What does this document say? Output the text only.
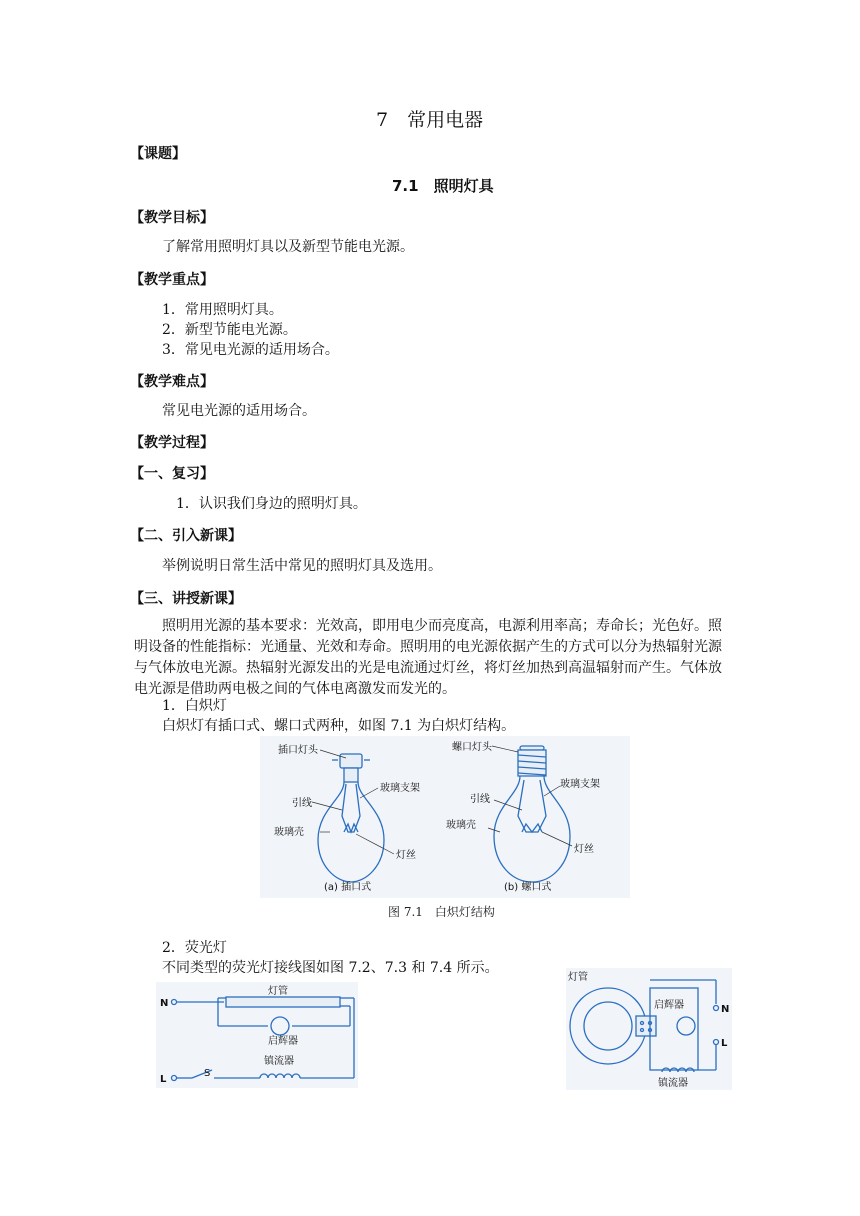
7　常用电器
【课题】
7.1　照明灯具
【教学目标】
了解常用照明灯具以及新型节能电光源。
【教学重点】
1．常用照明灯具。
2．新型节能电光源。
3．常见电光源的适用场合。
【教学难点】
常见电光源的适用场合。
【教学过程】
【一、复习】
1．认识我们身边的照明灯具。
【二、引入新课】
举例说明日常生活中常见的照明灯具及选用。
【三、讲授新课】
照明用光源的基本要求：光效高，即用电少而亮度高，电源利用率高；寿命长；光色好。照明设备的性能指标：光通量、光效和寿命。照明用的电光源依据产生的方式可以分为热辐射光源与气体放电光源。热辐射光源发出的光是电流通过灯丝，将灯丝加热到高温辐射而产生。气体放电光源是借助两电极之间的气体电离激发而发光的。
1．白炽灯
白炽灯有插口式、螺口式两种，如图 7.1 为白炽灯结构。
插口灯头
玻璃支架
引线
玻璃壳
灯丝
(a) 插口式
螺口灯头
玻璃支架
引线
玻璃壳
灯丝
(b) 螺口式
图 7.1　白炽灯结构
2．荧光灯
不同类型的荧光灯接线图如图 7.2、7.3 和 7.4 所示。
N
灯管
启辉器
镇流器
S
L
灯管
启辉器	N
L
镇流器
